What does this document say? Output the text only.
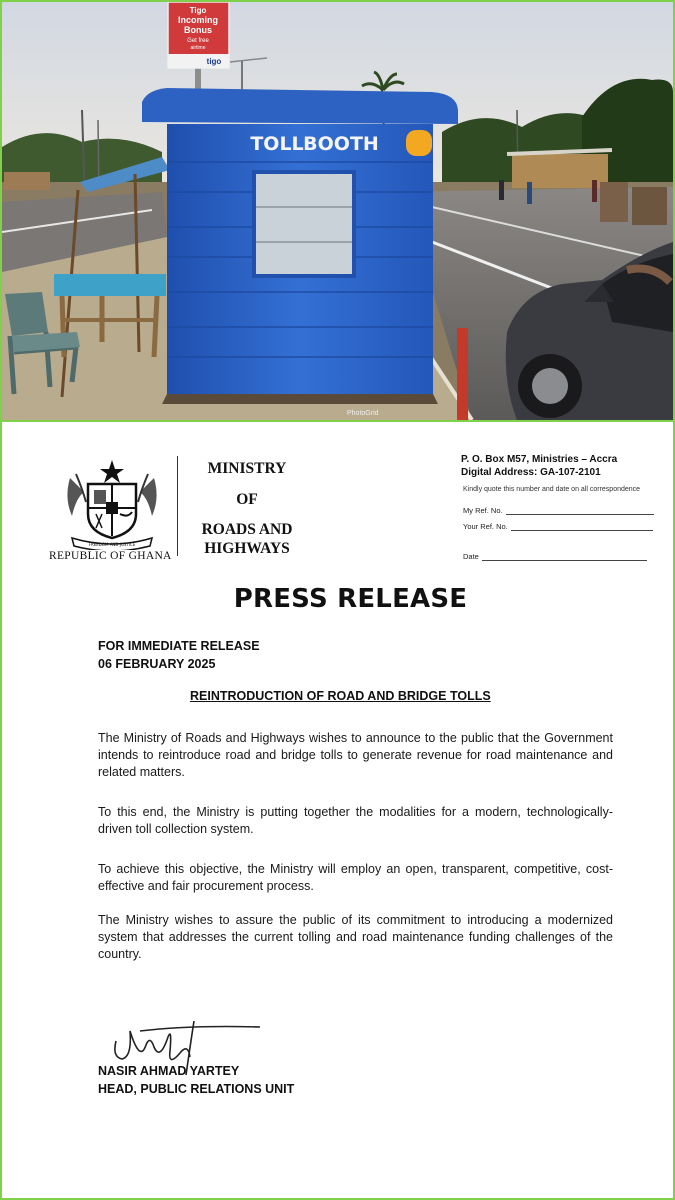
Tigo
Incoming
Bonus
Get free
airtime
tigo
TOLL BOOTH
PhotoGrid
FREEDOM AND JUSTICE
REPUBLIC OF GHANA
MINISTRY
OF
ROADS AND
HIGHWAYS
P. O. Box M57, Ministries – Accra
Digital Address: GA-107-2101
Kindly quote this number and date on all correspondence
My Ref. No.
Your Ref. No.
Date
PRESS RELEASE
FOR IMMEDIATE RELEASE
06 FEBRUARY 2025
REINTRODUCTION OF ROAD AND BRIDGE TOLLS
The Ministry of Roads and Highways wishes to announce to the public that the Government intends to reintroduce road and bridge tolls to generate revenue for road maintenance and related matters.
To this end, the Ministry is putting together the modalities for a modern, technologically-driven toll collection system.
To achieve this objective, the Ministry will employ an open, transparent, competitive, cost-effective and fair procurement process.
The Ministry wishes to assure the public of its commitment to introducing a modernized system that addresses the current tolling and road maintenance funding challenges of the country.
NASIR AHMAD YARTEY
HEAD, PUBLIC RELATIONS UNIT
